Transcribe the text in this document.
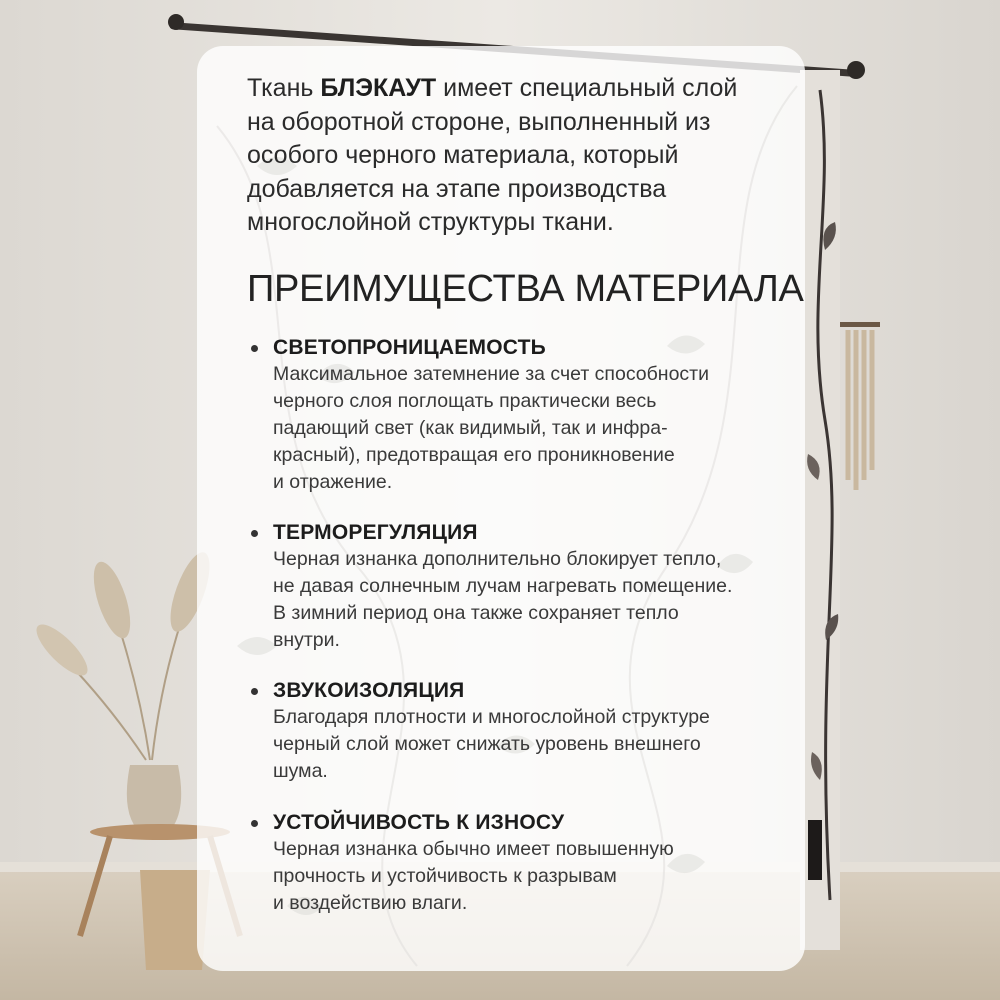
Ткань БЛЭКАУТ имеет специальный слой
на оборотной стороне, выполненный из
особого черного материала, который
добавляется на этапе производства
многослойной структуры ткани.

ПРЕИМУЩЕСТВА МАТЕРИАЛА
СВЕТОПРОНИЦАЕМОСТЬ

Максимальное затемнение за счет способности
черного слоя поглощать практически весь
падающий свет (как видимый, так и инфра-
красный), предотвращая его проникновение
и отражение.

ТЕРМОРЕГУЛЯЦИЯ

Черная изнанка дополнительно блокирует тепло,
не давая солнечным лучам нагревать помещение.
В зимний период она также сохраняет тепло
внутри.

ЗВУКОИЗОЛЯЦИЯ

Благодаря плотности и многослойной структуре
черный слой может снижать уровень внешнего
шума.

УСТОЙЧИВОСТЬ К ИЗНОСУ

Черная изнанка обычно имеет повышенную
прочность и устойчивость к разрывам
и воздействию влаги.
